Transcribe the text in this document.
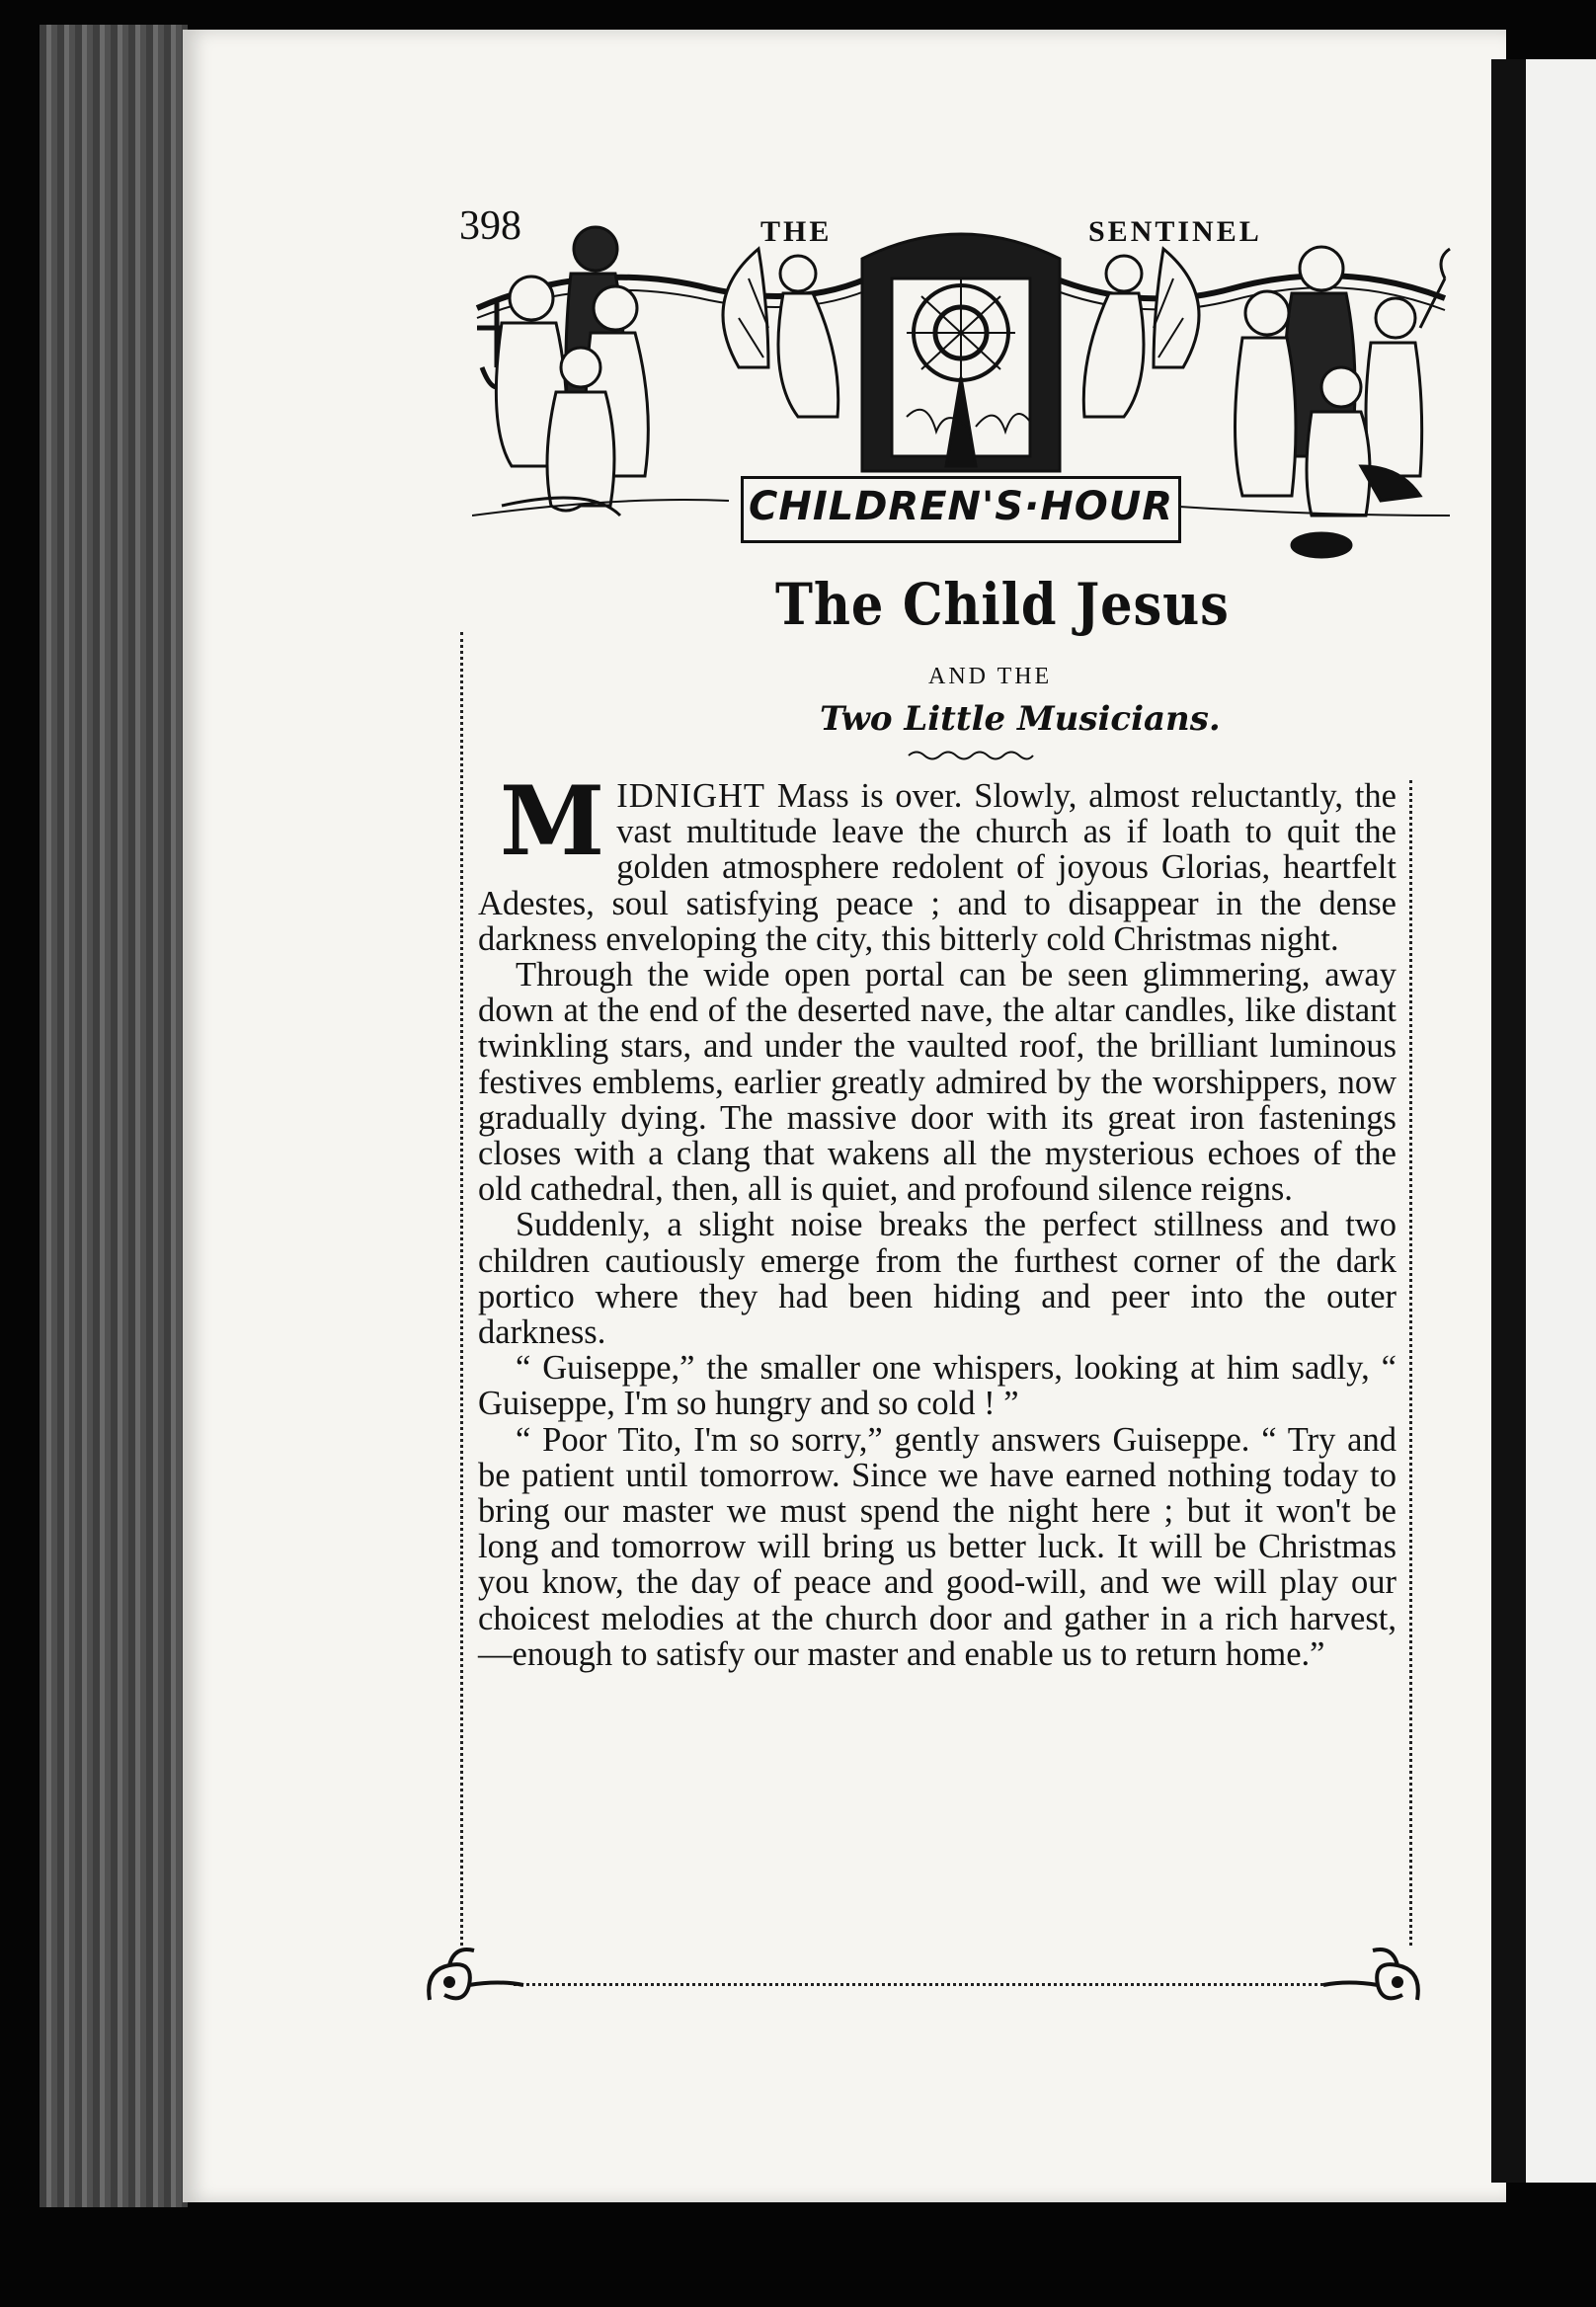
398	THE	SENTINEL
CHILDREN'S·HOUR
The Child Jesus
AND THE
Two Little Musicians.

MIDNIGHT Mass is over. Slowly, almost reluctantly, the vast multitude leave the church as if loath to quit the golden atmosphere redolent of joyous Glorias, heartfelt Adestes, soul satisfying peace ; and to disappear in the dense darkness enveloping the city, this bitterly cold Christmas night.

Through the wide open portal can be seen glimmering, away down at the end of the deserted nave, the altar candles, like distant twinkling stars, and under the vaulted roof, the brilliant luminous festives emblems, earlier greatly admired by the worshippers, now gradually dying. The massive door with its great iron fastenings closes with a clang that wakens all the mysterious echoes of the old cathedral, then, all is quiet, and profound silence reigns.

Suddenly, a slight noise breaks the perfect stillness and two children cautiously emerge from the furthest corner of the dark portico where they had been hiding and peer into the outer darkness.

“ Guiseppe,” the smaller one whispers, looking at him sadly, “ Guiseppe, I'm so hungry and so cold ! ”

“ Poor Tito, I'm so sorry,” gently answers Guiseppe. “ Try and be patient until tomorrow. Since we have earned nothing today to bring our master we must spend the night here ; but it won't be long and tomorrow will bring us better luck. It will be Christmas you know, the day of peace and good-will, and we will play our choicest melodies at the church door and gather in a rich harvest, —enough to satisfy our master and enable us to return home.”
